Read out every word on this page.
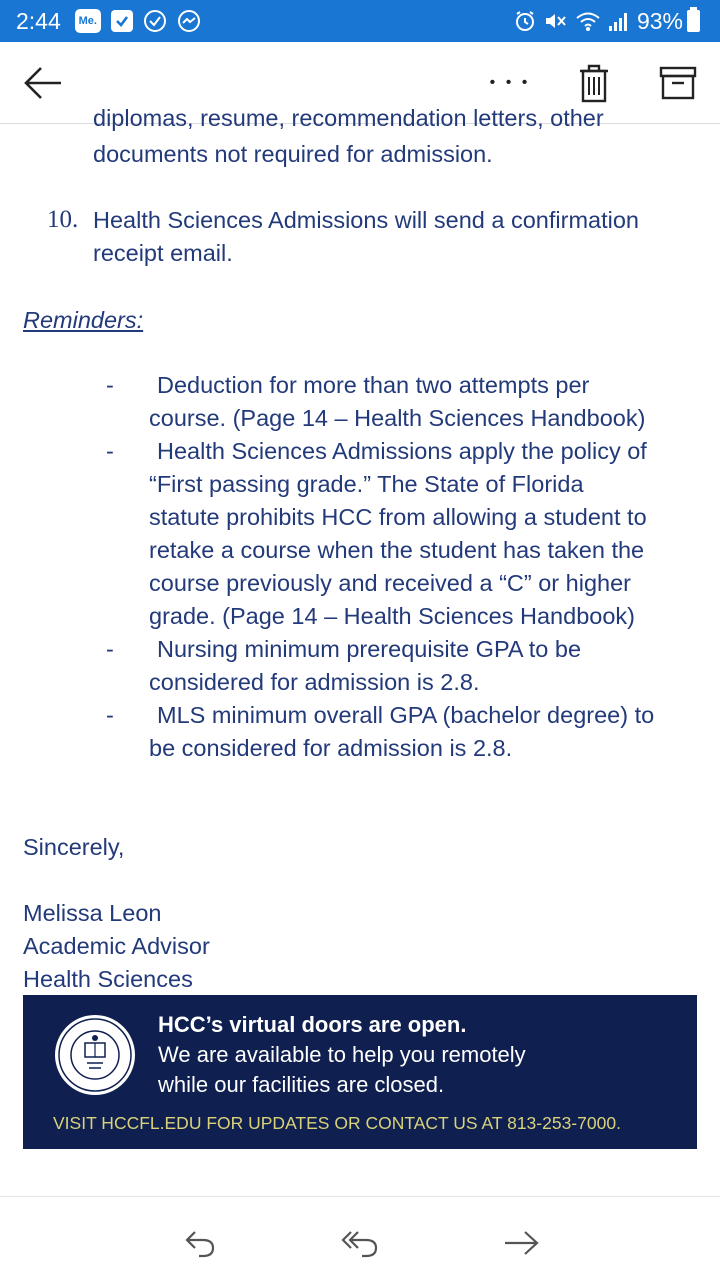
2:44	Me.	93%
• • •
diplomas, resume, recommendation letters, other
documents not required for admission.
10. Health Sciences Admissions will send a confirmation
receipt email.
Reminders:
- Deduction for more than two attempts per
course. (Page 14 – Health Sciences Handbook)
- Health Sciences Admissions apply the policy of
“First passing grade.” The State of Florida
statute prohibits HCC from allowing a student to
retake a course when the student has taken the
course previously and received a “C” or higher
grade. (Page 14 – Health Sciences Handbook)
- Nursing minimum prerequisite GPA to be
considered for admission is 2.8.
- MLS minimum overall GPA (bachelor degree) to
be considered for admission is 2.8.
Sincerely,
Melissa Leon
Academic Advisor
Health Sciences
HCC’s virtual doors are open.
We are available to help you remotely
while our facilities are closed.
VISIT HCCFL.EDU FOR UPDATES OR CONTACT US AT 813-253-7000.
